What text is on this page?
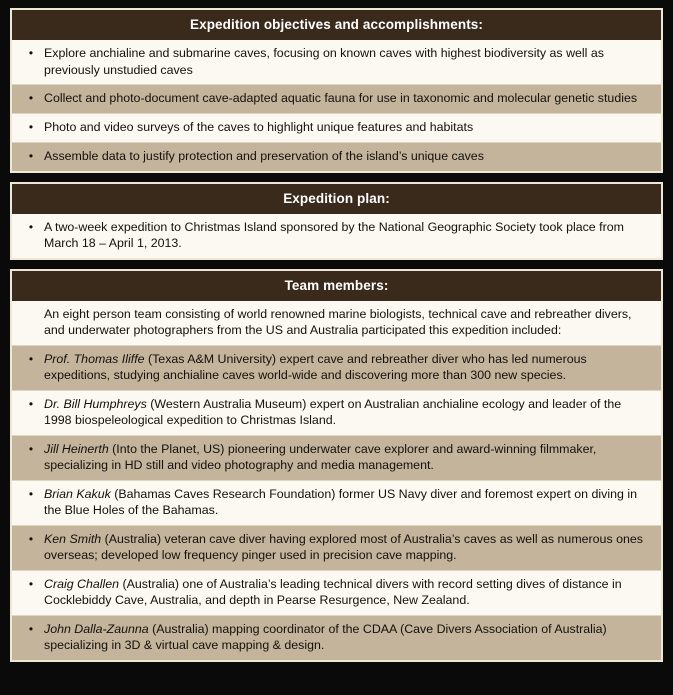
Expedition objectives and accomplishments:
• Explore anchialine and submarine caves, focusing on known caves with highest biodiversity as well as previously unstudied caves
• Collect and photo-document cave-adapted aquatic fauna for use in taxonomic and molecular genetic studies
• Photo and video surveys of the caves to highlight unique features and habitats
• Assemble data to justify protection and preservation of the island’s unique caves
Expedition plan:
• A two-week expedition to Christmas Island sponsored by the National Geographic Society took place from March 18 – April 1, 2013.
Team members:

An eight person team consisting of world renowned marine biologists, technical cave and rebreather divers, and underwater photographers from the US and Australia participated this expedition included:
• Prof. Thomas Iliffe (Texas A&M University) expert cave and rebreather diver who has led numerous expeditions, studying anchialine caves world-wide and discovering more than 300 new species.
• Dr. Bill Humphreys (Western Australia Museum) expert on Australian anchialine ecology and leader of the 1998 biospeleological expedition to Christmas Island.
• Jill Heinerth (Into the Planet, US) pioneering underwater cave explorer and award-winning filmmaker, specializing in HD still and video photography and media management.
• Brian Kakuk (Bahamas Caves Research Foundation) former US Navy diver and foremost expert on diving in the Blue Holes of the Bahamas.
• Ken Smith (Australia) veteran cave diver having explored most of Australia’s caves as well as numerous ones overseas; developed low frequency pinger used in precision cave mapping.
• Craig Challen (Australia) one of Australia’s leading technical divers with record setting dives of distance in Cocklebiddy Cave, Australia, and depth in Pearse Resurgence, New Zealand.
• John Dalla-Zaunna (Australia) mapping coordinator of the CDAA (Cave Divers Association of Australia) specializing in 3D & virtual cave mapping & design.
